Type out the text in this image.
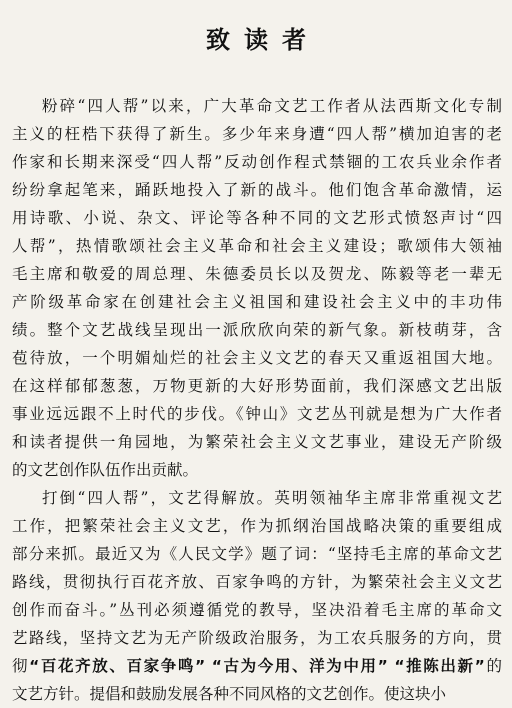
致读者
粉碎“四人帮”以来，广大革命文艺工作者从法西斯文化专制
主义的枉梏下获得了新生。多少年来身遭“四人帮”横加迫害的老
作家和长期来深受“四人帮”反动创作程式禁锢的工农兵业余作者
纷纷拿起笔来，踊跃地投入了新的战斗。他们饱含革命激情，运
用诗歌、小说、杂文、评论等各种不同的文艺形式愤怒声讨“四
人帮”，热情歌颂社会主义革命和社会主义建设；歌颂伟大领袖
毛主席和敬爱的周总理、朱德委员长以及贺龙、陈毅等老一辈无
产阶级革命家在创建社会主义祖国和建设社会主义中的丰功伟
绩。整个文艺战线呈现出一派欣欣向荣的新气象。新枝萌芽，含
苞待放，一个明媚灿烂的社会主义文艺的春天又重返祖国大地。
在这样郁郁葱葱，万物更新的大好形势面前，我们深感文艺出版
事业远远跟不上时代的步伐。《钟山》文艺丛刊就是想为广大作者
和读者提供一角园地，为繁荣社会主义文艺事业，建设无产阶级
的文艺创作队伍作出贡献。
打倒“四人帮”，文艺得解放。英明领袖华主席非常重视文艺
工作，把繁荣社会主义文艺，作为抓纲治国战略决策的重要组成
部分来抓。最近又为《人民文学》题了词：“坚持毛主席的革命文艺
路线，贯彻执行百花齐放、百家争鸣的方针，为繁荣社会主义文艺
创作而奋斗。”丛刊必须遵循党的教导，坚决沿着毛主席的革命文
艺路线，坚持文艺为无产阶级政治服务，为工农兵服务的方向，贯
彻“百花齐放、百家争鸣” “古为今用、洋为中用” “推陈出新”的
文艺方针。提倡和鼓励发展各种不同风格的文艺创作。使这块小
